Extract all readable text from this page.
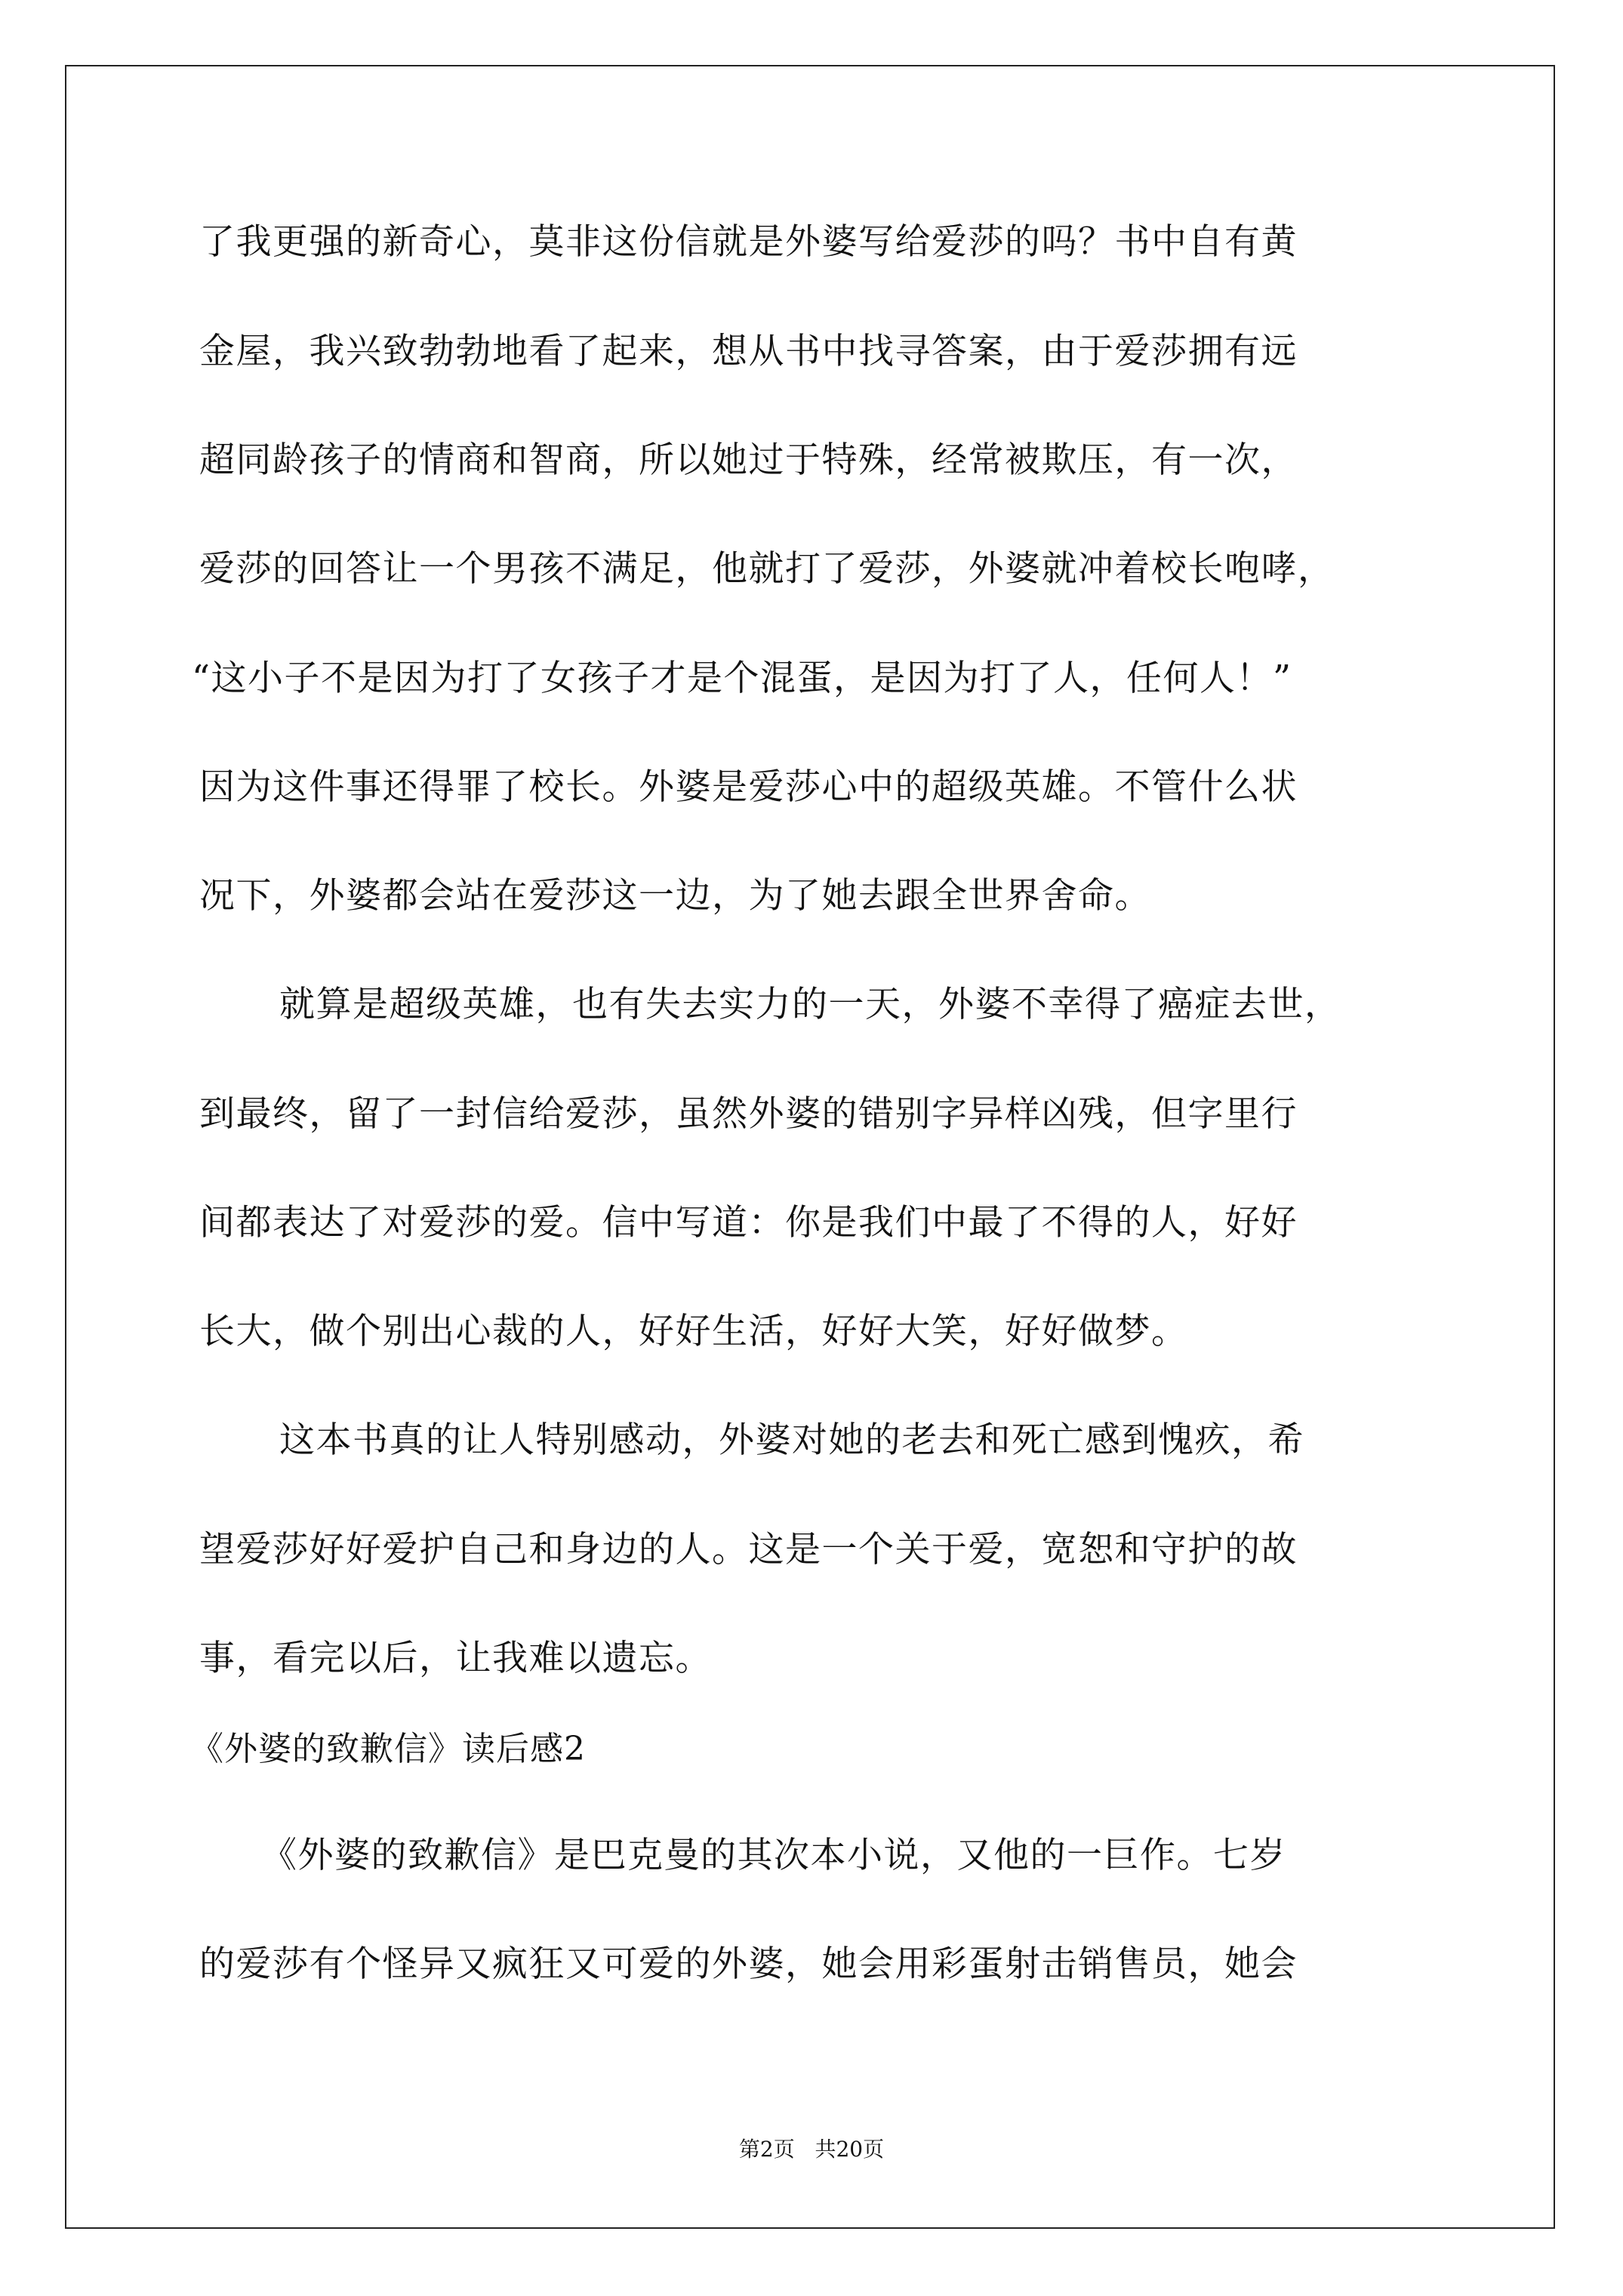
了我更强的新奇心，莫非这份信就是外婆写给爱莎的吗？书中自有黄
金屋，我兴致勃勃地看了起来，想从书中找寻答案，由于爱莎拥有远
超同龄孩子的情商和智商，所以她过于特殊，经常被欺压，有一次，
爱莎的回答让一个男孩不满足，他就打了爱莎，外婆就冲着校长咆哮，
“这小子不是因为打了女孩子才是个混蛋，是因为打了人，任何人！”
因为这件事还得罪了校长。外婆是爱莎心中的超级英雄。不管什么状
况下，外婆都会站在爱莎这一边，为了她去跟全世界舍命。
就算是超级英雄，也有失去实力的一天，外婆不幸得了癌症去世，
到最终，留了一封信给爱莎，虽然外婆的错别字异样凶残，但字里行
间都表达了对爱莎的爱。信中写道：你是我们中最了不得的人，好好
长大，做个别出心裁的人，好好生活，好好大笑，好好做梦。
这本书真的让人特别感动，外婆对她的老去和死亡感到愧疚，希
望爱莎好好爱护自己和身边的人。这是一个关于爱，宽恕和守护的故
事，看完以后，让我难以遗忘。
《外婆的致歉信》读后感2
《外婆的致歉信》是巴克曼的其次本小说，又他的一巨作。七岁
的爱莎有个怪异又疯狂又可爱的外婆，她会用彩蛋射击销售员，她会
第2页   共20页
